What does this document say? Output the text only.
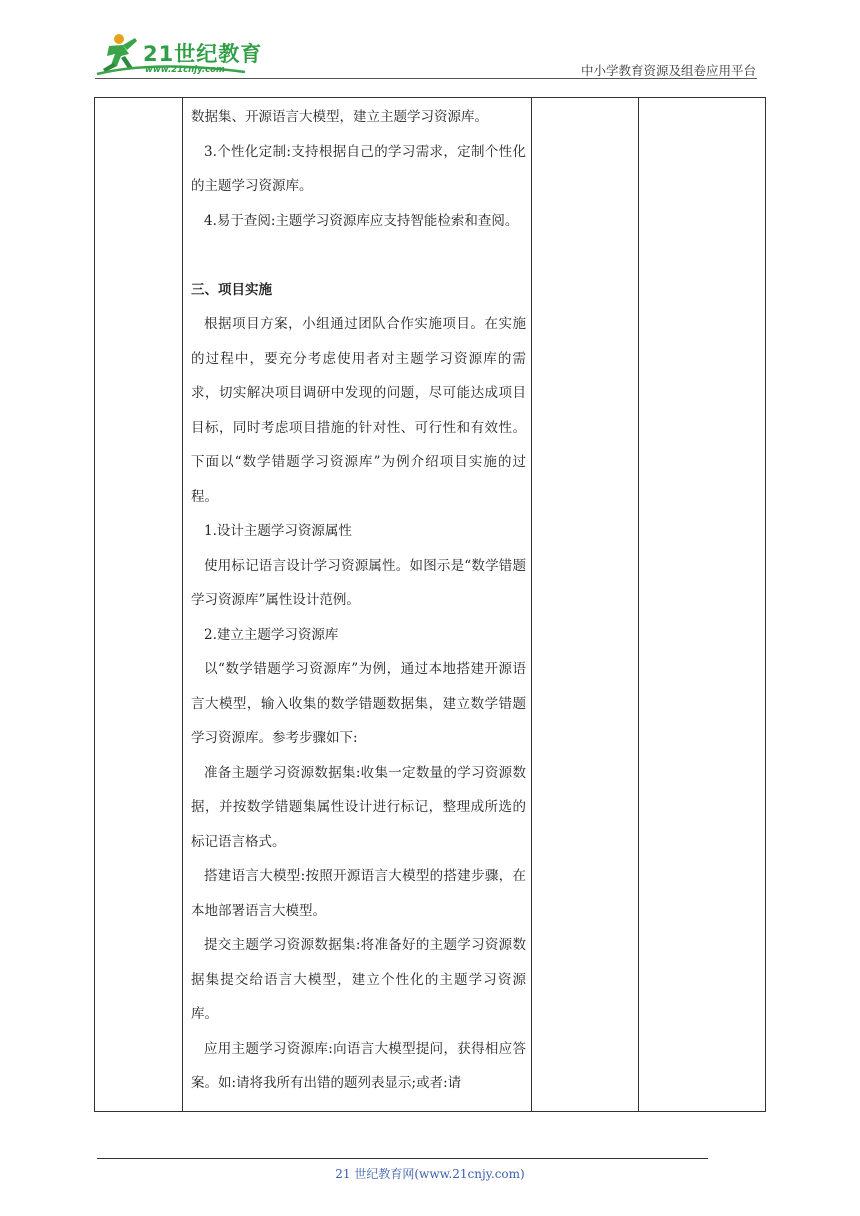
21世纪教育
www.21cnjy.com	中小学教育资源及组卷应用平台

数据集、开源语言大模型，建立主题学习资源库。

3.个性化定制:支持根据自己的学习需求，定制个性化的主题学习资源库。

4.易于查阅:主题学习资源库应支持智能检索和查阅。

三、项目实施

根据项目方案，小组通过团队合作实施项目。在实施的过程中，要充分考虑使用者对主题学习资源库的需求，切实解决项目调研中发现的问题，尽可能达成项目目标，同时考虑项目措施的针对性、可行性和有效性。下面以“数学错题学习资源库”为例介绍项目实施的过程。

1.设计主题学习资源属性

使用标记语言设计学习资源属性。如图示是“数学错题学习资源库”属性设计范例。

2.建立主题学习资源库

以“数学错题学习资源库”为例，通过本地搭建开源语言大模型，输入收集的数学错题数据集，建立数学错题学习资源库。参考步骤如下:

准备主题学习资源数据集:收集一定数量的学习资源数据，并按数学错题集属性设计进行标记，整理成所选的标记语言格式。

搭建语言大模型:按照开源语言大模型的搭建步骤，在本地部署语言大模型。

提交主题学习资源数据集:将准备好的主题学习资源数据集提交给语言大模型，建立个性化的主题学习资源库。

应用主题学习资源库:向语言大模型提问，获得相应答案。如:请将我所有出错的题列表显示;或者:请

21 世纪教育网(www.21cnjy.com)
